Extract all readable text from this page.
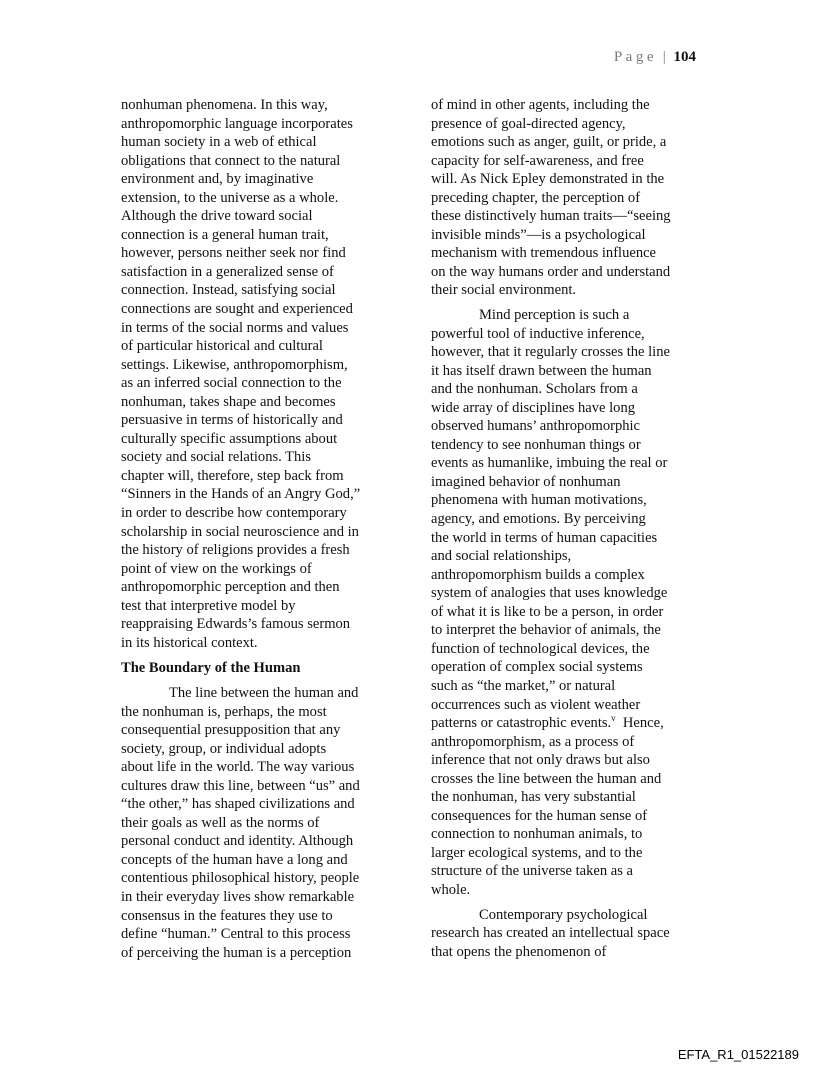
Page | 104
nonhuman phenomena. In this way,
anthropomorphic language incorporates
human society in a web of ethical
obligations that connect to the natural
environment and, by imaginative
extension, to the universe as a whole.
Although the drive toward social
connection is a general human trait,
however, persons neither seek nor find
satisfaction in a generalized sense of
connection. Instead, satisfying social
connections are sought and experienced
in terms of the social norms and values
of particular historical and cultural
settings. Likewise, anthropomorphism,
as an inferred social connection to the
nonhuman, takes shape and becomes
persuasive in terms of historically and
culturally specific assumptions about
society and social relations. This
chapter will, therefore, step back from
“Sinners in the Hands of an Angry God,”
in order to describe how contemporary
scholarship in social neuroscience and in
the history of religions provides a fresh
point of view on the workings of
anthropomorphic perception and then
test that interpretive model by
reappraising Edwards’s famous sermon
in its historical context.
The Boundary of the Human
The line between the human and
the nonhuman is, perhaps, the most
consequential presupposition that any
society, group, or individual adopts
about life in the world. The way various
cultures draw this line, between “us” and
“the other,” has shaped civilizations and
their goals as well as the norms of
personal conduct and identity. Although
concepts of the human have a long and
contentious philosophical history, people
in their everyday lives show remarkable
consensus in the features they use to
define “human.” Central to this process
of perceiving the human is a perception
of mind in other agents, including the
presence of goal-directed agency,
emotions such as anger, guilt, or pride, a
capacity for self-awareness, and free
will. As Nick Epley demonstrated in the
preceding chapter, the perception of
these distinctively human traits—“seeing
invisible minds”—is a psychological
mechanism with tremendous influence
on the way humans order and understand
their social environment.
Mind perception is such a
powerful tool of inductive inference,
however, that it regularly crosses the line
it has itself drawn between the human
and the nonhuman. Scholars from a
wide array of disciplines have long
observed humans’ anthropomorphic
tendency to see nonhuman things or
events as humanlike, imbuing the real or
imagined behavior of nonhuman
phenomena with human motivations,
agency, and emotions. By perceiving
the world in terms of human capacities
and social relationships,
anthropomorphism builds a complex
system of analogies that uses knowledge
of what it is like to be a person, in order
to interpret the behavior of animals, the
function of technological devices, the
operation of complex social systems
such as “the market,” or natural
occurrences such as violent weather
patterns or catastrophic events.$^v$  Hence,
anthropomorphism, as a process of
inference that not only draws but also
crosses the line between the human and
the nonhuman, has very substantial
consequences for the human sense of
connection to nonhuman animals, to
larger ecological systems, and to the
structure of the universe taken as a
whole.
Contemporary psychological
research has created an intellectual space
that opens the phenomenon of
EFTA_R1_01522189
